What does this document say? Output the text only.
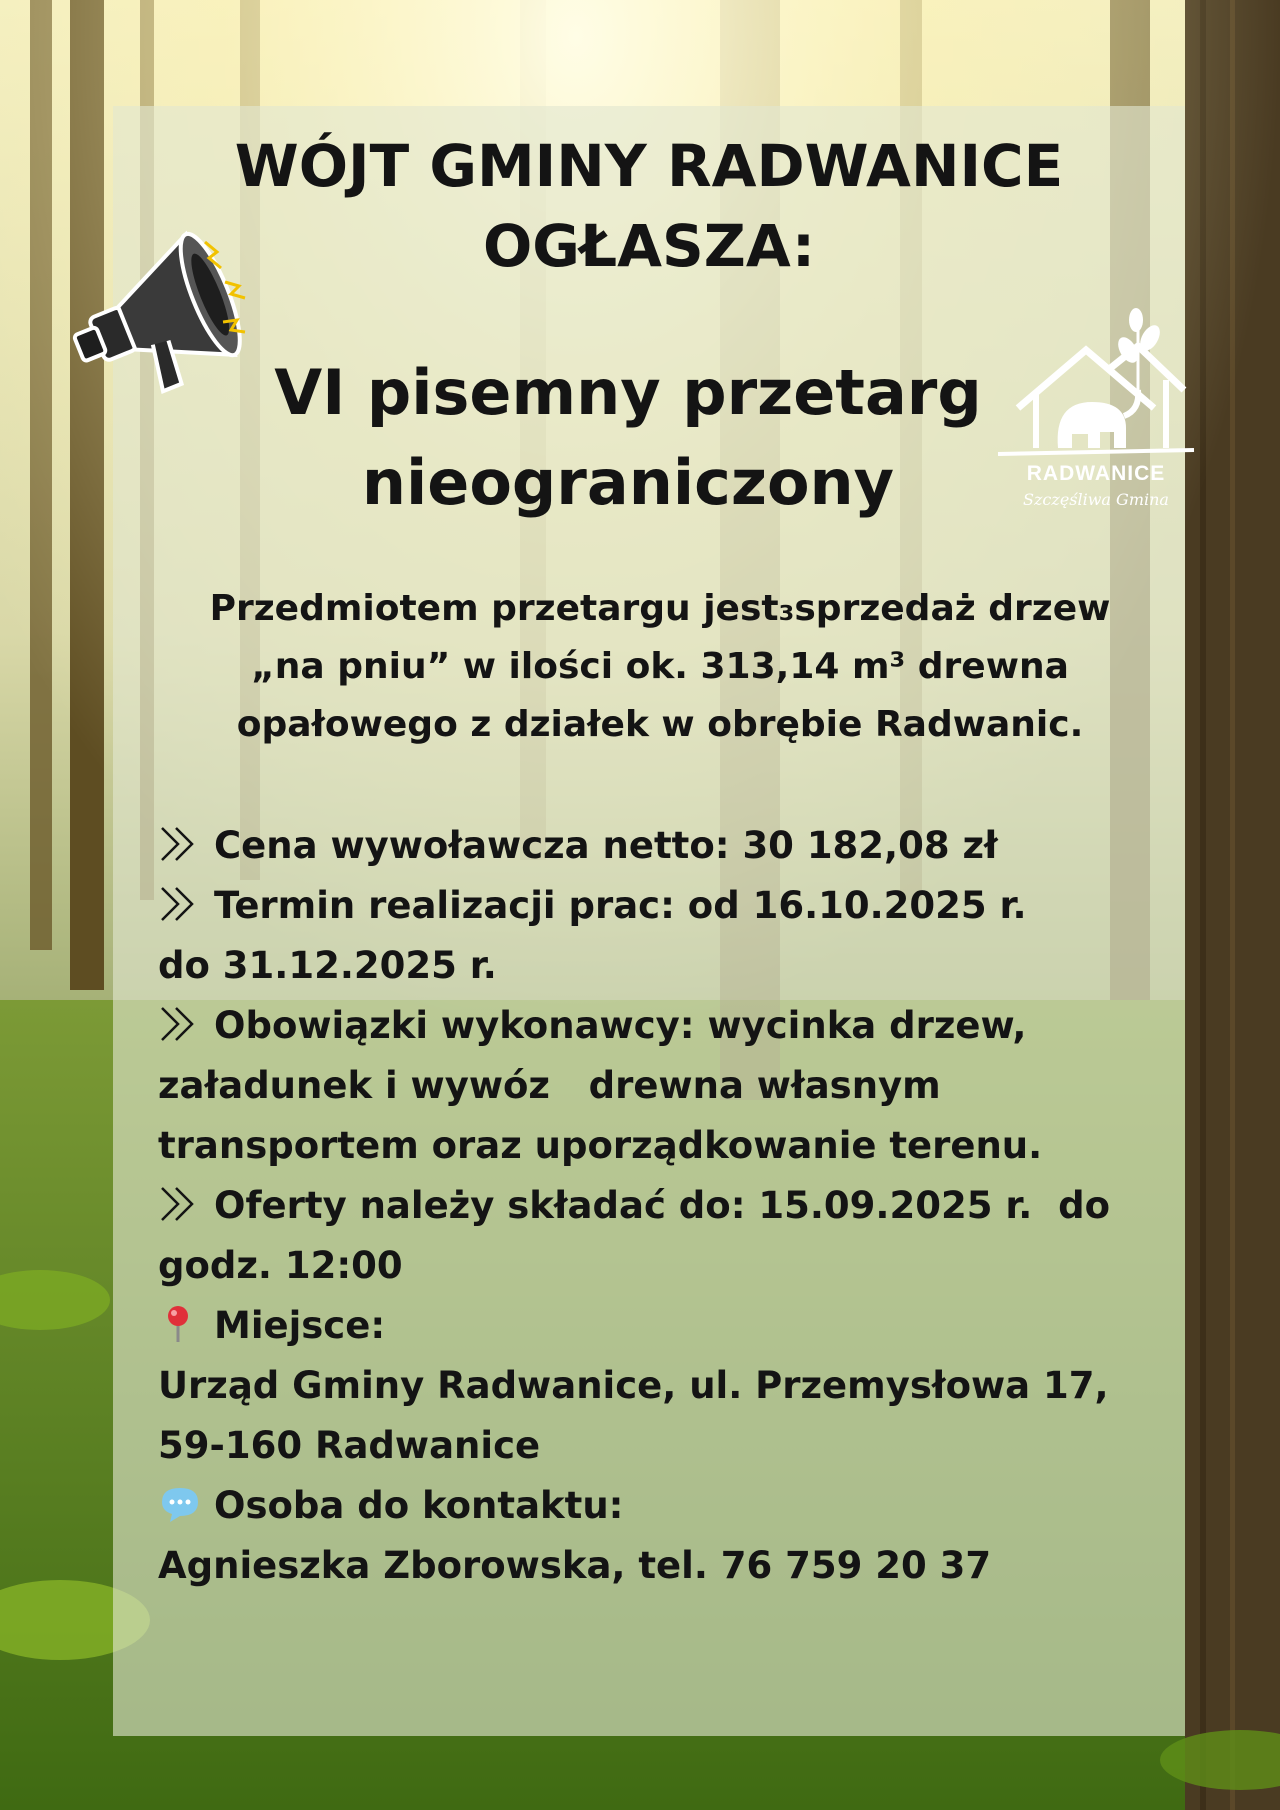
WÓJT GMINY RADWANICE
OGŁASZA:

VI pisemny przetarg
nieograniczony	RADWANICE
Szczęśliwa Gmina
Przedmiotem przetargu jest₃sprzedaż drzew
„na pniu” w ilości ok. 313,14 m³ drewna
opałowego z działek w obrębie Radwanic.
Cena wywoławcza netto: 30 182,08 zł
Termin realizacji prac: od 16.10.2025 r.
do 31.12.2025 r.
Obowiązki wykonawcy: wycinka drzew,
załadunek i wywóz   drewna własnym
transportem oraz uporządkowanie terenu.
Oferty należy składać do: 15.09.2025 r.  do
godz. 12:00
Miejsce:
Urząd Gminy Radwanice, ul. Przemysłowa 17,
59-160 Radwanice
Osoba do kontaktu:
Agnieszka Zborowska, tel. 76 759 20 37
